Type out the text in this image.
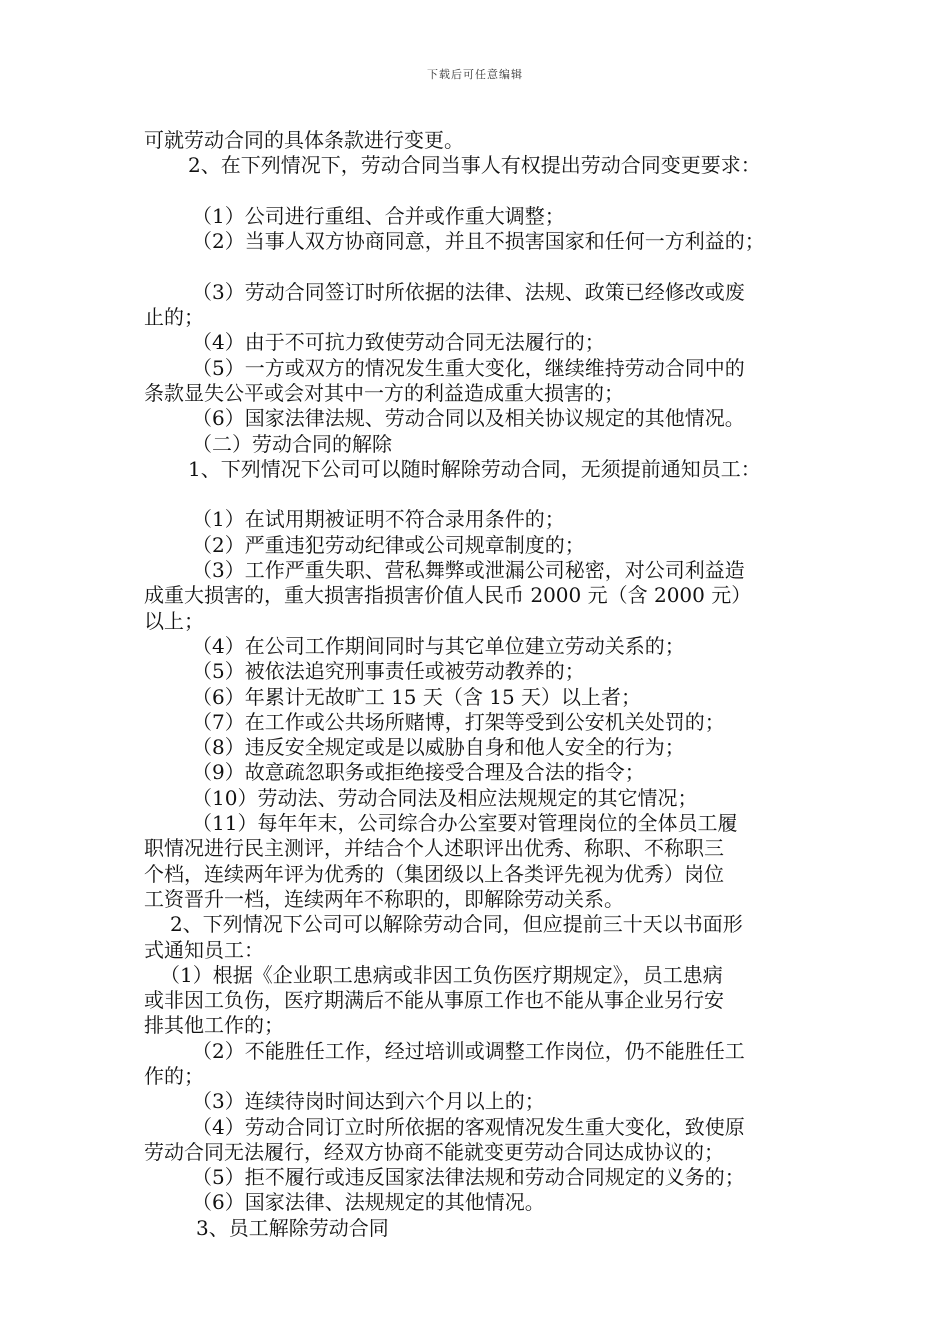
下载后可任意编辑
可就劳动合同的具体条款进行变更。
2、在下列情况下，劳动合同当事人有权提出劳动合同变更要求：
（1）公司进行重组、合并或作重大调整；
（2）当事人双方协商同意，并且不损害国家和任何一方利益的；
（3）劳动合同签订时所依据的法律、法规、政策已经修改或废
止的；
（4）由于不可抗力致使劳动合同无法履行的；
（5）一方或双方的情况发生重大变化，继续维持劳动合同中的
条款显失公平或会对其中一方的利益造成重大损害的；
（6）国家法律法规、劳动合同以及相关协议规定的其他情况。
（二）劳动合同的解除
1、下列情况下公司可以随时解除劳动合同，无须提前通知员工：
（1）在试用期被证明不符合录用条件的；
（2）严重违犯劳动纪律或公司规章制度的；
（3）工作严重失职、营私舞弊或泄漏公司秘密，对公司利益造
成重大损害的，重大损害指损害价值人民币 2000 元（含 2000 元）
以上；
（4）在公司工作期间同时与其它单位建立劳动关系的；
（5）被依法追究刑事责任或被劳动教养的；
（6）年累计无故旷工 15 天（含 15 天）以上者；
（7）在工作或公共场所赌博，打架等受到公安机关处罚的；
（8）违反安全规定或是以威胁自身和他人安全的行为；
（9）故意疏忽职务或拒绝接受合理及合法的指令；
（10）劳动法、劳动合同法及相应法规规定的其它情况；
（11）每年年末，公司综合办公室要对管理岗位的全体员工履
职情况进行民主测评，并结合个人述职评出优秀、称职、不称职三
个档，连续两年评为优秀的（集团级以上各类评先视为优秀）岗位
工资晋升一档，连续两年不称职的，即解除劳动关系。
2、下列情况下公司可以解除劳动合同，但应提前三十天以书面形
式通知员工：
（1）根据《企业职工患病或非因工负伤医疗期规定》，员工患病
或非因工负伤，医疗期满后不能从事原工作也不能从事企业另行安
排其他工作的；
（2）不能胜任工作，经过培训或调整工作岗位，仍不能胜任工
作的；
（3）连续待岗时间达到六个月以上的；
（4）劳动合同订立时所依据的客观情况发生重大变化，致使原
劳动合同无法履行，经双方协商不能就变更劳动合同达成协议的；
（5）拒不履行或违反国家法律法规和劳动合同规定的义务的；
（6）国家法律、法规规定的其他情况。
3、员工解除劳动合同
